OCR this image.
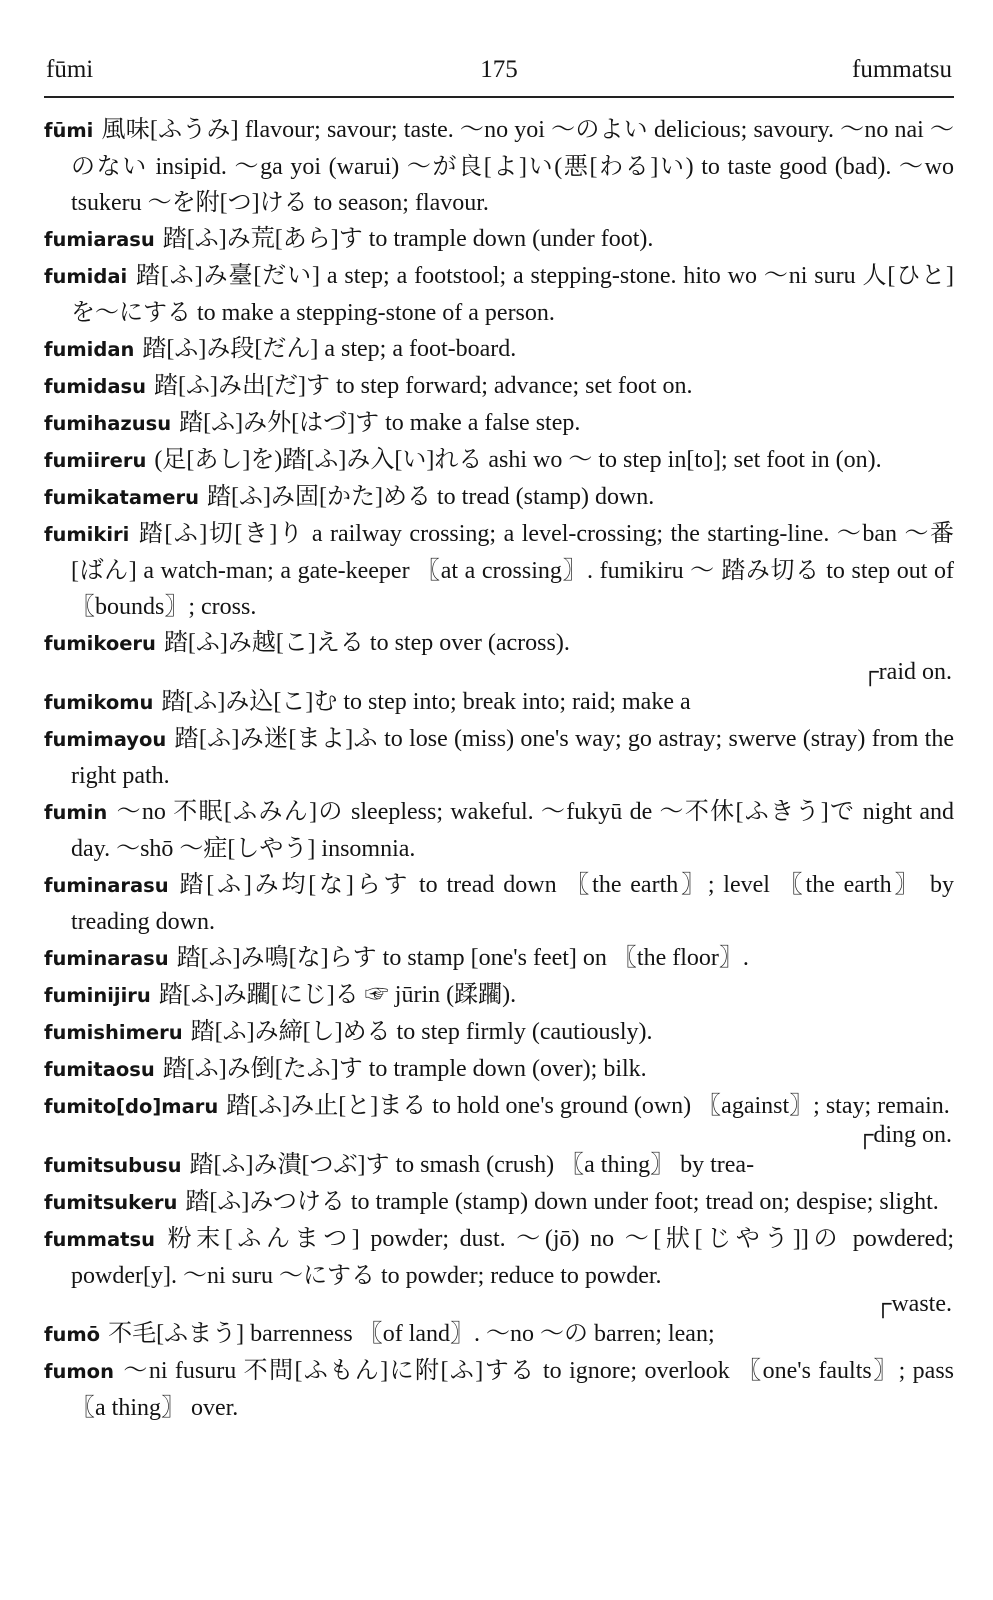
fūmi	175	fummatsu

fūmi 風味[ふうみ] flavour; savour; taste. ～no yoi ～のよい delicious; savoury. ～no nai ～のない insipid. ～ga yoi (warui) ～が良[よ]い(悪[わる]い) to taste good (bad). ～wo tsukeru ～を附[つ]ける to season; flavour.

fumiarasu 踏[ふ]み荒[あら]す to trample down (under foot).

fumidai 踏[ふ]み臺[だい] a step; a footstool; a stepping-stone. hito wo ～ni suru 人[ひと]を～にする to make a stepping-stone of a person.

fumidan 踏[ふ]み段[だん] a step; a foot-board.

fumidasu 踏[ふ]み出[だ]す to step forward; advance; set foot on.

fumihazusu 踏[ふ]み外[はづ]す to make a false step.

fumiireru (足[あし]を)踏[ふ]み入[い]れる ashi wo ～ to step in[to]; set foot in (on).

fumikatameru 踏[ふ]み固[かた]める to tread (stamp) down.

fumikiri 踏[ふ]切[き]り a railway crossing; a level-crossing; the starting-line. ～ban ～番[ばん] a watch-man; a gate-keeper 〖at a crossing〗. fumikiru ～ 踏み切る to step out of 〖bounds〗; cross.

fumikoeru 踏[ふ]み越[こ]える to step over (across).

┌raid on.

fumikomu 踏[ふ]み込[こ]む to step into; break into; raid; make a

fumimayou 踏[ふ]み迷[まよ]ふ to lose (miss) one's way; go astray; swerve (stray) from the right path.

fumin ～no 不眠[ふみん]の sleepless; wakeful. ～fukyū de ～不休[ふきう]で night and day. ～shō ～症[しやう] insomnia.

fuminarasu 踏[ふ]み均[な]らす to tread down 〖the earth〗; level 〖the earth〗 by treading down.

fuminarasu 踏[ふ]み鳴[な]らす to stamp [one's feet] on 〖the floor〗.

fuminijiru 踏[ふ]み躙[にじ]る ☞ jūrin (蹂躙).

fumishimeru 踏[ふ]み締[し]める to step firmly (cautiously).

fumitaosu 踏[ふ]み倒[たふ]す to trample down (over); bilk.

fumito[do]maru 踏[ふ]み止[と]まる to hold one's ground (own) 〖against〗; stay; remain.

┌ding on.

fumitsubusu 踏[ふ]み潰[つぶ]す to smash (crush) 〖a thing〗 by trea-

fumitsukeru 踏[ふ]みつける to trample (stamp) down under foot; tread on; despise; slight.

fummatsu 粉末[ふんまつ] powder; dust. ～(jō) no ～[狀[じやう]]の powdered; powder[y]. ～ni suru ～にする to powder; reduce to powder.

┌waste.

fumō 不毛[ふまう] barrenness 〖of land〗. ～no ～の barren; lean;

fumon ～ni fusuru 不問[ふもん]に附[ふ]する to ignore; overlook 〖one's faults〗; pass 〖a thing〗 over.
